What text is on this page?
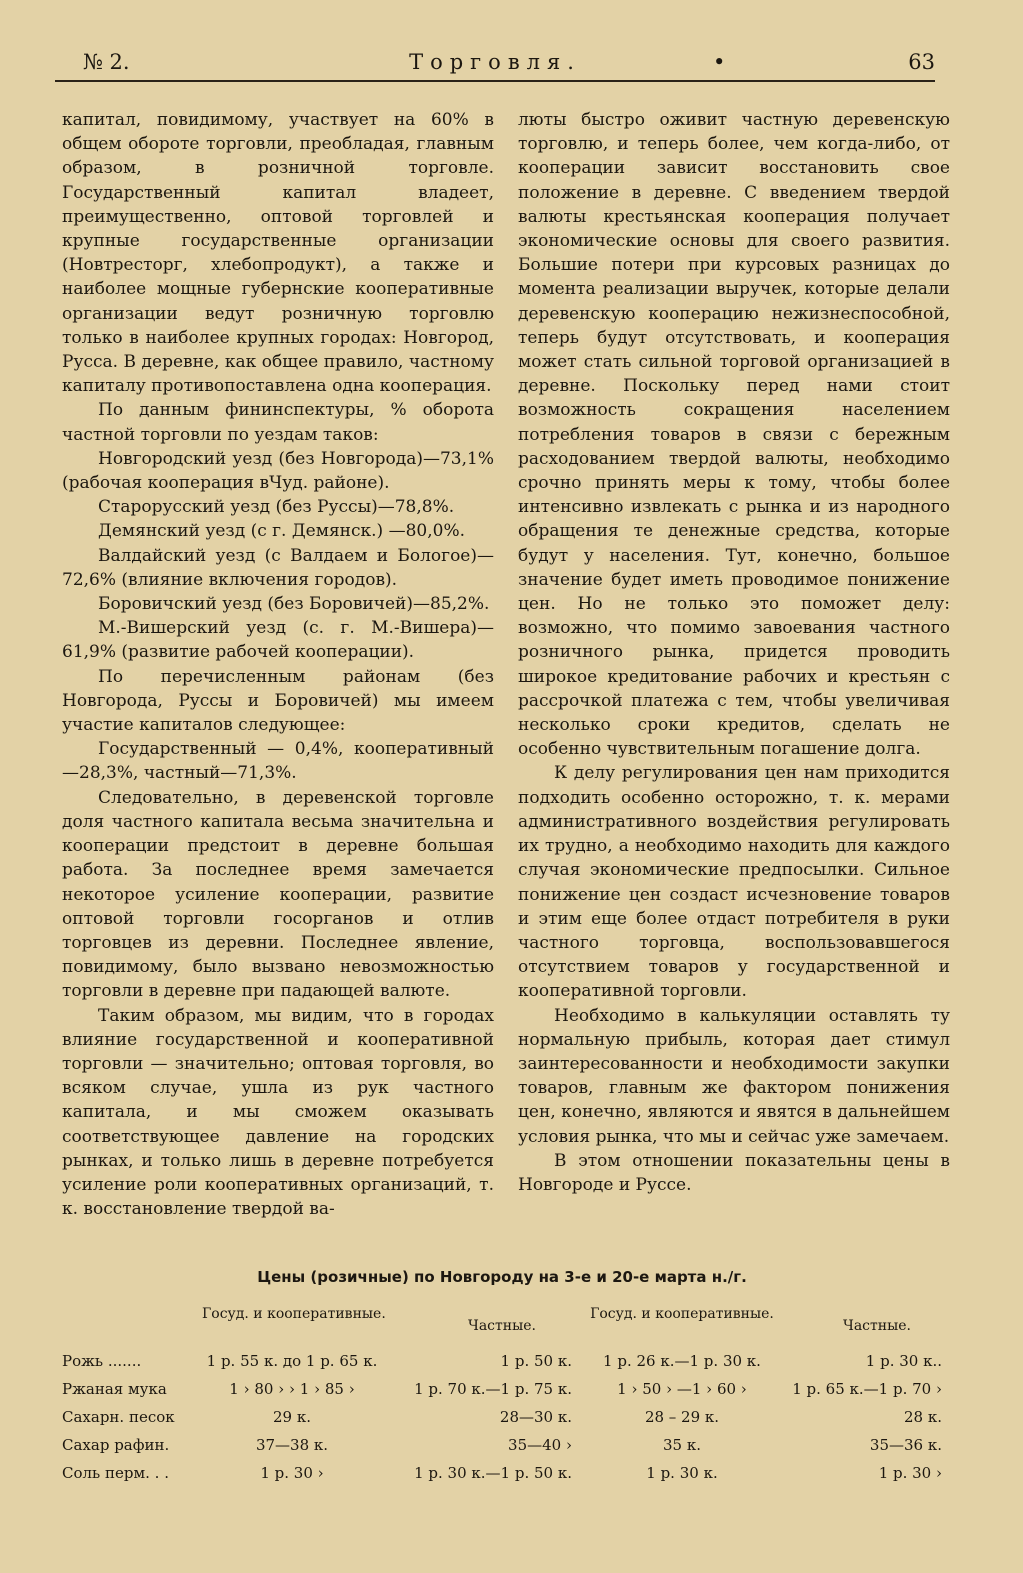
№ 2.	Торговля.	•	63

капитал, повидимому, участвует на 60% в общем обороте торговли, преобладая, главным образом, в розничной торговле. Государственный капитал владеет, преимущественно, оптовой торговлей и крупные государственные организации (Новтресторг, хлебопродукт), а также и наиболее мощные губернские кооперативные организации ведут розничную торговлю только в наиболее крупных городах: Новгород, Русса. В деревне, как общее правило, частному капиталу противопоставлена одна кооперация.

По данным фининспектуры, % оборота частной торговли по уездам таков:

Новгородский уезд (без Новгорода)—73,1% (рабочая кооперация вЧуд. районе).

Старорусский уезд (без Руссы)—78,8%.

Демянский уезд (с г. Демянск.) —80,0%.

Валдайский уезд (с Валдаем и Бологое)—72,6% (влияние включения городов).

Боровичский уезд (без Боровичей)—85,2%.

М.-Вишерский уезд (с. г. М.-Вишера)—61,9% (развитие рабочей кооперации).

По перечисленным районам (без Новгорода, Руссы и Боровичей) мы имеем участие капиталов следующее:

Государственный — 0,4%, кооперативный—28,3%, частный—71,3%.

Следовательно, в деревенской торговле доля частного капитала весьма значительна и кооперации предстоит в деревне большая работа. За последнее время замечается некоторое усиление кооперации, развитие оптовой торговли госорганов и отлив торговцев из деревни. Последнее явление, повидимому, было вызвано невозможностью торговли в деревне при падающей валюте.

Таким образом, мы видим, что в городах влияние государственной и кооперативной торговли — значительно; оптовая торговля, во всяком случае, ушла из рук частного капитала, и мы сможем оказывать соответствующее давление на городских рынках, и только лишь в деревне потребуется усиление роли кооперативных организаций, т. к. восстановление твердой ва-

люты быстро оживит частную деревенскую торговлю, и теперь более, чем когда-либо, от кооперации зависит восстановить свое положение в деревне. С введением твердой валюты крестьянская кооперация получает экономические основы для своего развития. Большие потери при курсовых разницах до момента реализации выручек, которые делали деревенскую кооперацию нежизнеспособной, теперь будут отсутствовать, и кооперация может стать сильной торговой организацией в деревне. Поскольку перед нами стоит возможность сокращения населением потребления товаров в связи с бережным расходованием твердой валюты, необходимо срочно принять меры к тому, чтобы более интенсивно извлекать с рынка и из народного обращения те денежные средства, которые будут у населения. Тут, конечно, большое значение будет иметь проводимое понижение цен. Но не только это поможет делу: возможно, что помимо завоевания частного розничного рынка, придется проводить широкое кредитование рабочих и крестьян с рассрочкой платежа с тем, чтобы увеличивая несколько сроки кредитов, сделать не особенно чувствительным погашение долга.

К делу регулирования цен нам приходится подходить особенно осторожно, т. к. мерами административного воздействия регулировать их трудно, а необходимо находить для каждого случая экономические предпосылки. Сильное понижение цен создаст исчезновение товаров и этим еще более отдаст потребителя в руки частного торговца, воспользовавшегося отсутствием товаров у государственной и кооперативной торговли.

Необходимо в калькуляции оставлять ту нормальную прибыль, которая дает стимул заинтересованности и необходимости закупки товаров, главным же фактором понижения цен, конечно, являются и явятся в дальнейшем условия рынка, что мы и сейчас уже замечаем.

В этом отношении показательны цены в Новгороде и Руссе.

Цены (розичные) по Новгороду на 3-е и 20-е марта н./г.
Госуд. и кооперативные.
Частные.
Госуд. и кооперативные.
Частные.
Рожь .......	1 р. 55 к. до 1 р. 65 к.	1 р. 50 к.	1 р. 26 к.—1 р. 30 к.	1 р. 30 к..
Ржаная мука	1 › 80 › › 1 › 85 ›	1 р. 70 к.—1 р. 75 к.	1 › 50 › —1 › 60 ›	1 р. 65 к.—1 р. 70 ›
Сахарн. песок	29 к.	28—30 к.	28 – 29 к.	28 к.
Сахар рафин.	37—38 к.	35—40 ›	35 к.	35—36 к.
Соль перм. . .	1 р. 30 ›	1 р. 30 к.—1 р. 50 к.	1 р. 30 к.	1 р. 30 ›
